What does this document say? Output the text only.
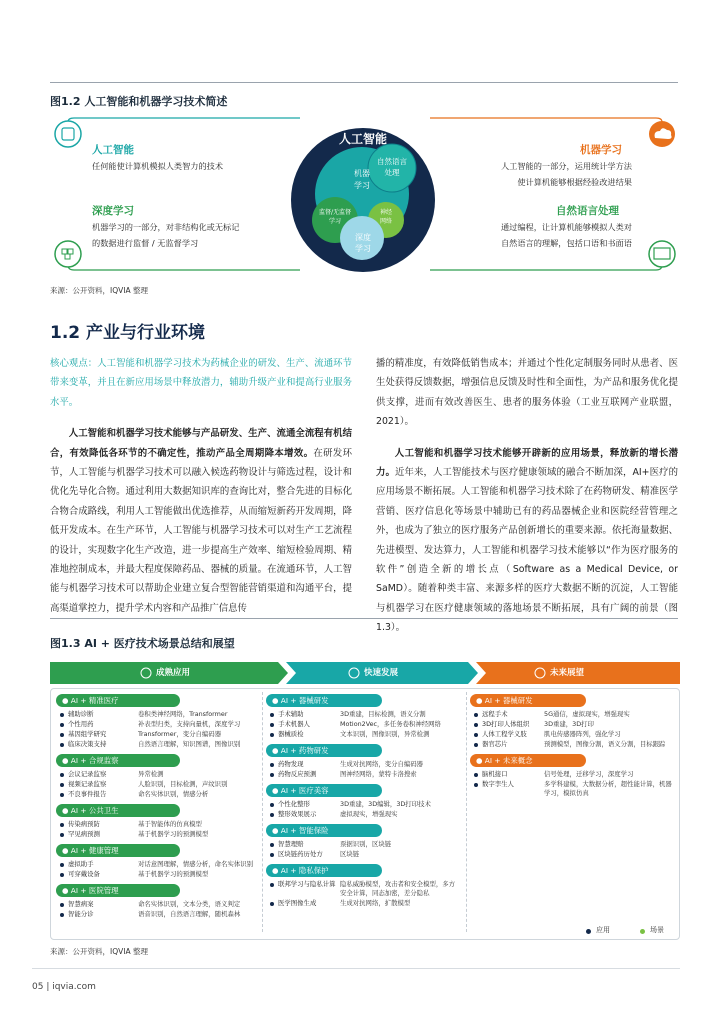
图1.2 人工智能和机器学习技术简述
人工智能
机器
学习
自然语言
处理
监督/无监督
学习
神经
网络
深度
学习
人工智能
任何能使计算机模拟人类智力的技术
深度学习
机器学习的一部分，对非结构化或无标记
的数据进行监督 / 无监督学习
机器学习
人工智能的一部分，运用统计学方法
使计算机能够根据经验改进结果
自然语言处理
通过编程，让计算机能够模拟人类对
自然语言的理解，包括口语和书面语
来源：公开资料，IQVIA 整理
1.2 产业与行业环境

核心观点：人工智能和机器学习技术为药械企业的研发、生产、流通环节带来变革，并且在新应用场景中释放潜力，辅助升级产业和提高行业服务水平。

人工智能和机器学习技术能够与产品研发、生产、流通全流程有机结合，有效降低各环节的不确定性，推动产品全周期降本增效。在研发环节，人工智能与机器学习技术可以融入候选药物设计与筛选过程，设计和优化先导化合物。通过利用大数据知识库的查询比对，整合先进的目标化合物合成路线，利用人工智能做出优选推荐，从而缩短新药开发周期，降低开发成本。在生产环节，人工智能与机器学习技术可以对生产工艺流程的设计，实现数字化生产改造，进一步提高生产效率、缩短检验周期、精准地控制成本，并最大程度保障药品、器械的质量。在流通环节，人工智能与机器学习技术可以帮助企业建立复合型智能营销渠道和沟通平台，提高渠道掌控力，提升学术内容和产品推广信息传

播的精准度，有效降低销售成本；并通过个性化定制服务同时从患者、医生处获得反馈数据，增强信息反馈及时性和全面性，为产品和服务优化提供支撑，进而有效改善医生、患者的服务体验（工业互联网产业联盟，2021）。

人工智能和机器学习技术能够开辟新的应用场景，释放新的增长潜力。近年来，人工智能技术与医疗健康领域的融合不断加深，AI+医疗的应用场景不断拓展。人工智能和机器学习技术除了在药物研发、精准医学营销、医疗信息化等场景中辅助已有的药品器械企业和医院经营管理之外，也成为了独立的医疗服务产品创新增长的重要来源。依托海量数据、先进模型、发达算力，人工智能和机器学习技术能够以“作为医疗服务的软件”创造全新的增长点（Software as a Medical Device, or SaMD）。随着种类丰富、来源多样的医疗大数据不断的沉淀，人工智能与机器学习在医疗健康领域的落地场景不断拓展，具有广阔的前景（图 1.3）。

图1.3 AI + 医疗技术场景总结和展望
成熟应用	快速发展	未来展望
● AI + 精准医疗
辅助诊断	卷积类神经网络，Transformer
个性用药	补表型归类，支持向量机，深度学习
基因组学研究	Transformer，变分自编码器
临床决策支持	自然语言理解，知识图谱，图像识别
● AI + 合规监察
会议记录监察	异常检测
视频记录监察	人脸识别，目标检测，声纹识别
不良事件报告	命名实体识别，情感分析
● AI + 公共卫生
传染病预防	基于智能体的仿真模型
罕见病预测	基于机器学习的预测模型
● AI + 健康管理
虚拟助手	对话意图理解，情感分析，命名实体识别
可穿戴设备	基于机器学习的预测模型
● AI + 医院管理
智慧病案	命名实体识别，文本分类，语义判定
智能分诊	语音识别，自然语言理解，随机森林
● AI + 器械研发
手术辅助	3D重建，目标检测，语义分割
手术机器人	Motion2Vec，多任务卷积神经网络
器械质检	文本识别，图像识别，异常检测
● AI + 药物研发
药物发现	生成对抗网络，变分自编码器
药物反应预测	图神经网络，蒙特卡洛搜索
● AI + 医疗美容
个性化整形	3D重建，3D编辑，3D打印技术
整形效果展示	虚拟现实，增强现实
● AI + 智能保险
智慧理赔	票据识别，区块链
区块链药历处方	区块链
● AI + 隐私保护
联邦学习与隐私计算 隐私威胁模型，攻击者和安全模型，多方安全计算，同态加密，差分隐私
医学图像生成	生成对抗网络，扩散模型
● AI + 器械研发
远程手术	5G通信，虚拟现实，增强现实
3D打印人体组织 3D重建，3D打印
人体工程学义肢	肌电传感器阵列，强化学习
器官芯片	预测模型，图像分割，语义分割，目标跟踪
● AI + 未来概念
脑机接口	信号处理，迁移学习，深度学习
数字孪生人	多学科建模，大数据分析，超性能计算，机器学习，模拟仿真
应用	场景
来源：公开资料，IQVIA 整理
05 | iqvia.com
